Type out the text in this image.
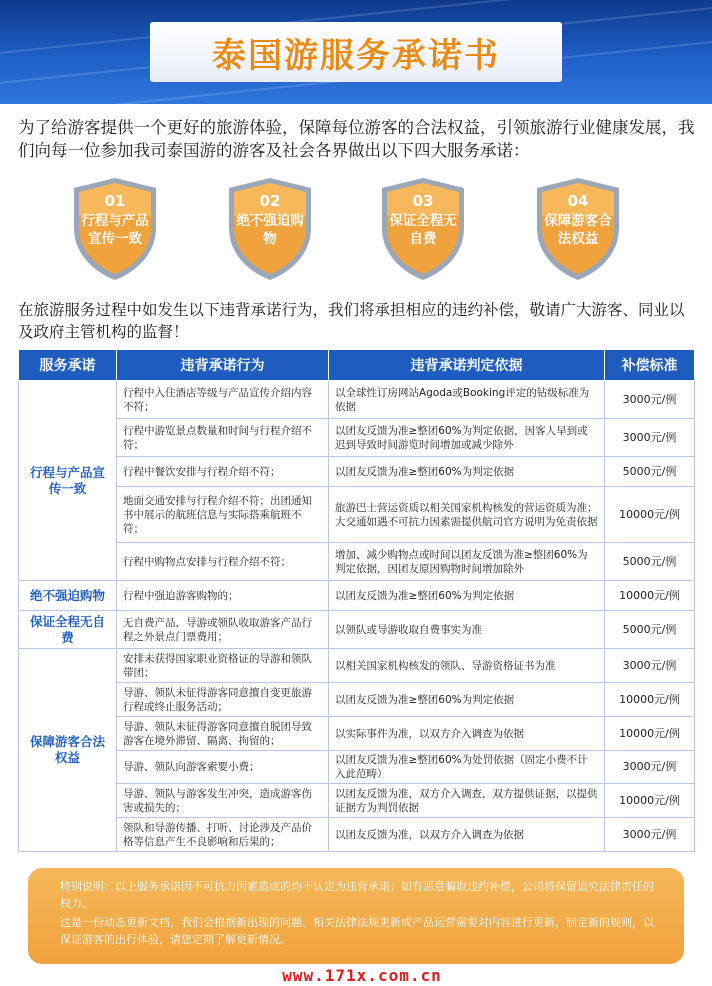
泰国游服务承诺书
为了给游客提供一个更好的旅游体验，保障每位游客的合法权益，引领旅游行业健康发展，我们向每一位参加我司泰国游的游客及社会各界做出以下四大服务承诺：
01
行程与产品宣传一致
02
绝不强迫购物
03
保证全程无自费
04
保障游客合法权益
在旅游服务过程中如发生以下违背承诺行为，我们将承担相应的违约补偿，敬请广大游客、同业以及政府主管机构的监督！
服务承诺	违背承诺行为	违背承诺判定依据	补偿标准
行程与产品宣传一致	行程中入住酒店等级与产品宣传介绍内容不符；	以全球性订房网站Agoda或Booking评定的钻级标准为依据	3000元/例
	行程中游览景点数量和时间与行程介绍不符；	以团友反馈为准≥整团60%为判定依据，因客人早到或迟到导致时间游览时间增加或减少除外	3000元/例
	行程中餐饮安排与行程介绍不符；	以团友反馈为准≥整团60%为判定依据	5000元/例
	地面交通安排与行程介绍不符；出团通知书中展示的航班信息与实际搭乘航班不符；	旅游巴士营运资质以相关国家机构核发的营运资质为准；大交通如遇不可抗力因素需提供航司官方说明为免责依据	10000元/例
	行程中购物点安排与行程介绍不符；	增加、减少购物点或时间以团友反馈为准≥整团60%为判定依据，因团友原因购物时间增加除外	5000元/例
绝不强迫购物	行程中强迫游客购物的；	以团友反馈为准≥整团60%为判定依据	10000元/例
保证全程无自费	无自费产品，导游或领队收取游客产品行程之外景点门票费用；	以领队或导游收取自费事实为准	5000元/例
保障游客合法权益	安排未获得国家职业资格证的导游和领队带团；	以相关国家机构核发的领队、导游资格证书为准	3000元/例
	导游、领队未征得游客同意擅自变更旅游行程或终止服务活动；	以团友反馈为准≥整团60%为判定依据	10000元/例
	导游、领队未征得游客同意擅自脱团导致游客在境外滞留、隔离、拘留的；	以实际事件为准，以双方介入调查为依据	10000元/例
	导游、领队向游客索要小费；	以团友反馈为准≥整团60%为处罚依据（固定小费不计入此范畴）	3000元/例
	导游、领队与游客发生冲突，造成游客伤害或损失的；	以团友反馈为准，双方介入调查，双方提供证据，以提供证据方为判罚依据	10000元/例
	领队和导游传播、打听、讨论涉及产品价格等信息产生不良影响和后果的；	以团友反馈为准，以双方介入调查为依据	3000元/例

特别说明：以上服务承诺因不可抗力因素造成的均不认定为违背承诺；如有恶意骗取违约补偿，公司将保留追究法律责任的权力。

这是一份动态更新文档，我们会根据新出现的问题、相关法律法规更新或产品运营需要对内容进行更新，制定新的规则，以保证游客的出行体验，请您定期了解更新情况。

www.171x.com.cn
